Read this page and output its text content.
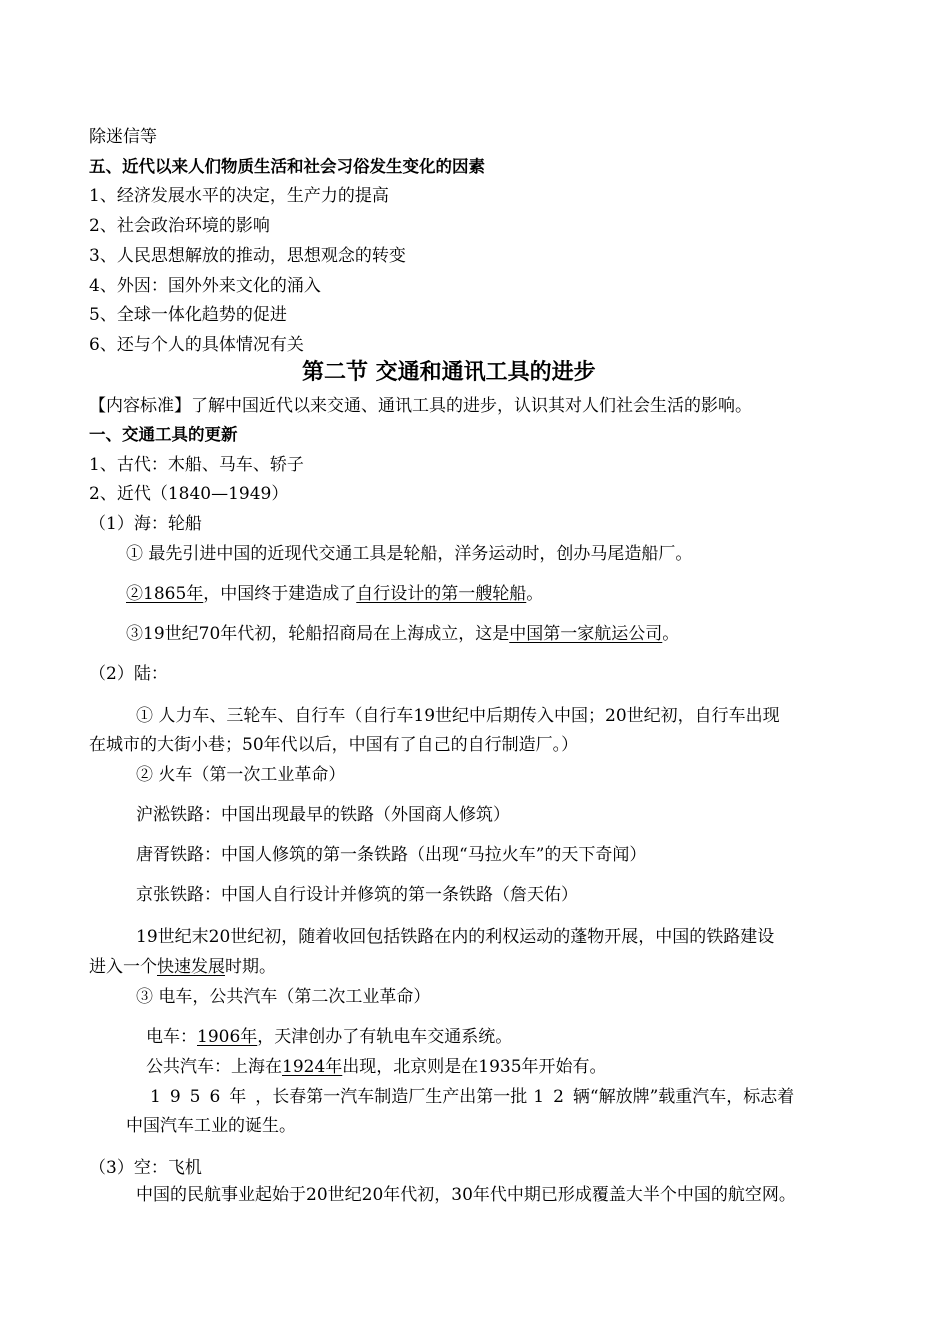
除迷信等
五、近代以来人们物质生活和社会习俗发生变化的因素
1、经济发展水平的决定，生产力的提高
2、社会政治环境的影响
3、人民思想解放的推动，思想观念的转变
4、外因：国外外来文化的涌入
5、全球一体化趋势的促进
6、还与个人的具体情况有关
第二节 交通和通讯工具的进步
【内容标准】了解中国近代以来交通、通讯工具的进步，认识其对人们社会生活的影响。
一、交通工具的更新
1、古代：木船、马车、轿子
2、近代（1840—1949）
（1）海：轮船
① 最先引进中国的近现代交通工具是轮船，洋务运动时，创办马尾造船厂。
②1865年，中国终于建造成了自行设计的第一艘轮船。
③19世纪70年代初，轮船招商局在上海成立，这是中国第一家航运公司。
（2）陆：
① 人力车、三轮车、自行车（自行车19世纪中后期传入中国；20世纪初，自行车出现
在城市的大街小巷；50年代以后，中国有了自己的自行制造厂。）
② 火车（第一次工业革命）
沪淞铁路：中国出现最早的铁路（外国商人修筑）
唐胥铁路：中国人修筑的第一条铁路（出现“马拉火车”的天下奇闻）
京张铁路：中国人自行设计并修筑的第一条铁路（詹天佑）
19世纪末20世纪初，随着收回包括铁路在内的利权运动的蓬物开展，中国的铁路建设
进入一个快速发展时期。
③ 电车，公共汽车（第二次工业革命）
电车：1906年，天津创办了有轨电车交通系统。
公共汽车：上海在1924年出现，北京则是在1935年开始有。
1956年，长春第一汽车制造厂生产出第一批 12辆“解放牌”载重汽车，标志着
中国汽车工业的诞生。
（3）空：飞机
中国的民航事业起始于20世纪20年代初，30年代中期已形成覆盖大半个中国的航空网。
